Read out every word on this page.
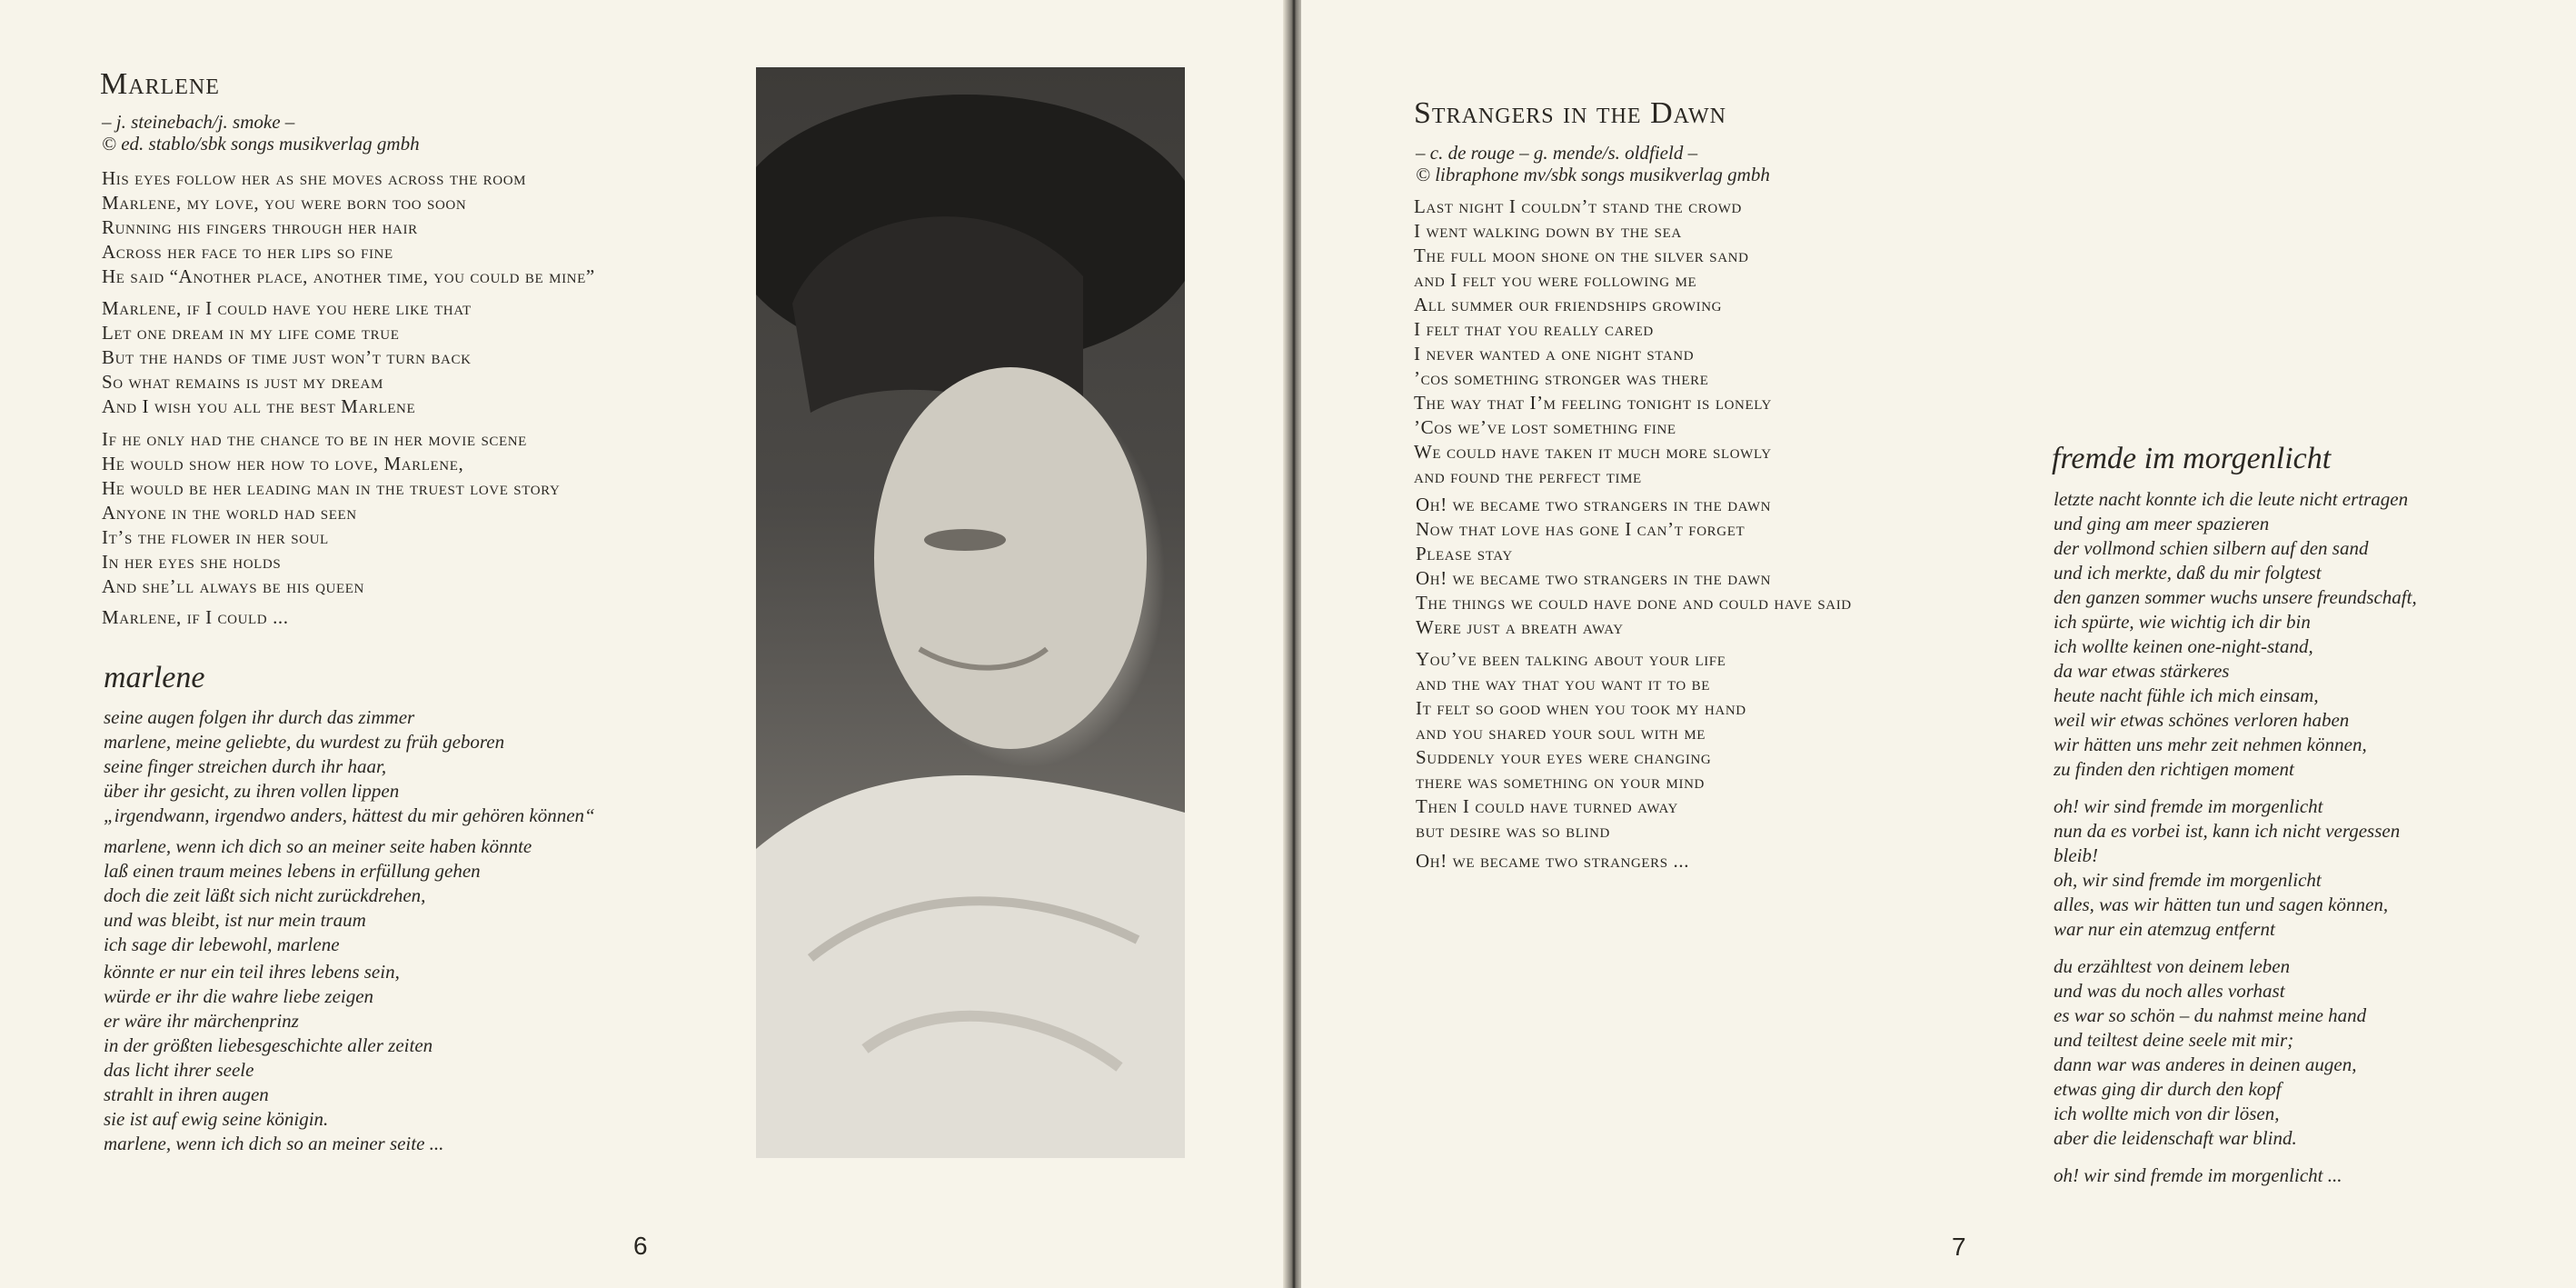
Marlene

– j. steinebach/j. smoke –

© ed. stablo/sbk songs musikverlag gmbh

His eyes follow her as she moves across the room
Marlene, my love, you were born too soon
Running his fingers through her hair
Across her face to her lips so fine
He said “Another place, another time, you could be mine”
Marlene, if I could have you here like that
Let one dream in my life come true
But the hands of time just won’t turn back
So what remains is just my dream
And I wish you all the best Marlene
If he only had the chance to be in her movie scene
He would show her how to love, Marlene,
He would be her leading man in the truest love story
Anyone in the world had seen
It’s the flower in her soul
In her eyes she holds
And she’ll always be his queen
Marlene, if I could ...
marlene
seine augen folgen ihr durch das zimmer
marlene, meine geliebte, du wurdest zu früh geboren
seine finger streichen durch ihr haar,
über ihr gesicht, zu ihren vollen lippen
„irgendwann, irgendwo anders, hättest du mir gehören können“
marlene, wenn ich dich so an meiner seite haben könnte
laß einen traum meines lebens in erfüllung gehen
doch die zeit läßt sich nicht zurückdrehen,
und was bleibt, ist nur mein traum
ich sage dir lebewohl, marlene
könnte er nur ein teil ihres lebens sein,
würde er ihr die wahre liebe zeigen
er wäre ihr märchenprinz
in der größten liebesgeschichte aller zeiten
das licht ihrer seele
strahlt in ihren augen
sie ist auf ewig seine königin.
marlene, wenn ich dich so an meiner seite ...
6
Strangers in the Dawn

– c. de rouge – g. mende/s. oldfield –

© libraphone mv/sbk songs musikverlag gmbh

Last night I couldn’t stand the crowd
I went walking down by the sea
The full moon shone on the silver sand
and I felt you were following me
All summer our friendships growing
I felt that you really cared
I never wanted a one night stand
’cos something stronger was there
The way that I’m feeling tonight is lonely
’Cos we’ve lost something fine
We could have taken it much more slowly
and found the perfect time
Oh! we became two strangers in the dawn
Now that love has gone I can’t forget
Please stay
Oh! we became two strangers in the dawn
The things we could have done and could have said
Were just a breath away
You’ve been talking about your life
and the way that you want it to be
It felt so good when you took my hand
and you shared your soul with me
Suddenly your eyes were changing
there was something on your mind
Then I could have turned away
but desire was so blind
Oh! we became two strangers ...
fremde im morgenlicht
letzte nacht konnte ich die leute nicht ertragen
und ging am meer spazieren
der vollmond schien silbern auf den sand
und ich merkte, daß du mir folgtest
den ganzen sommer wuchs unsere freundschaft,
ich spürte, wie wichtig ich dir bin
ich wollte keinen one-night-stand,
da war etwas stärkeres
heute nacht fühle ich mich einsam,
weil wir etwas schönes verloren haben
wir hätten uns mehr zeit nehmen können,
zu finden den richtigen moment
oh! wir sind fremde im morgenlicht
nun da es vorbei ist, kann ich nicht vergessen
bleib!
oh, wir sind fremde im morgenlicht
alles, was wir hätten tun und sagen können,
war nur ein atemzug entfernt
du erzähltest von deinem leben
und was du noch alles vorhast
es war so schön – du nahmst meine hand
und teiltest deine seele mit mir;
dann war was anderes in deinen augen,
etwas ging dir durch den kopf
ich wollte mich von dir lösen,
aber die leidenschaft war blind.
oh! wir sind fremde im morgenlicht ...
7
